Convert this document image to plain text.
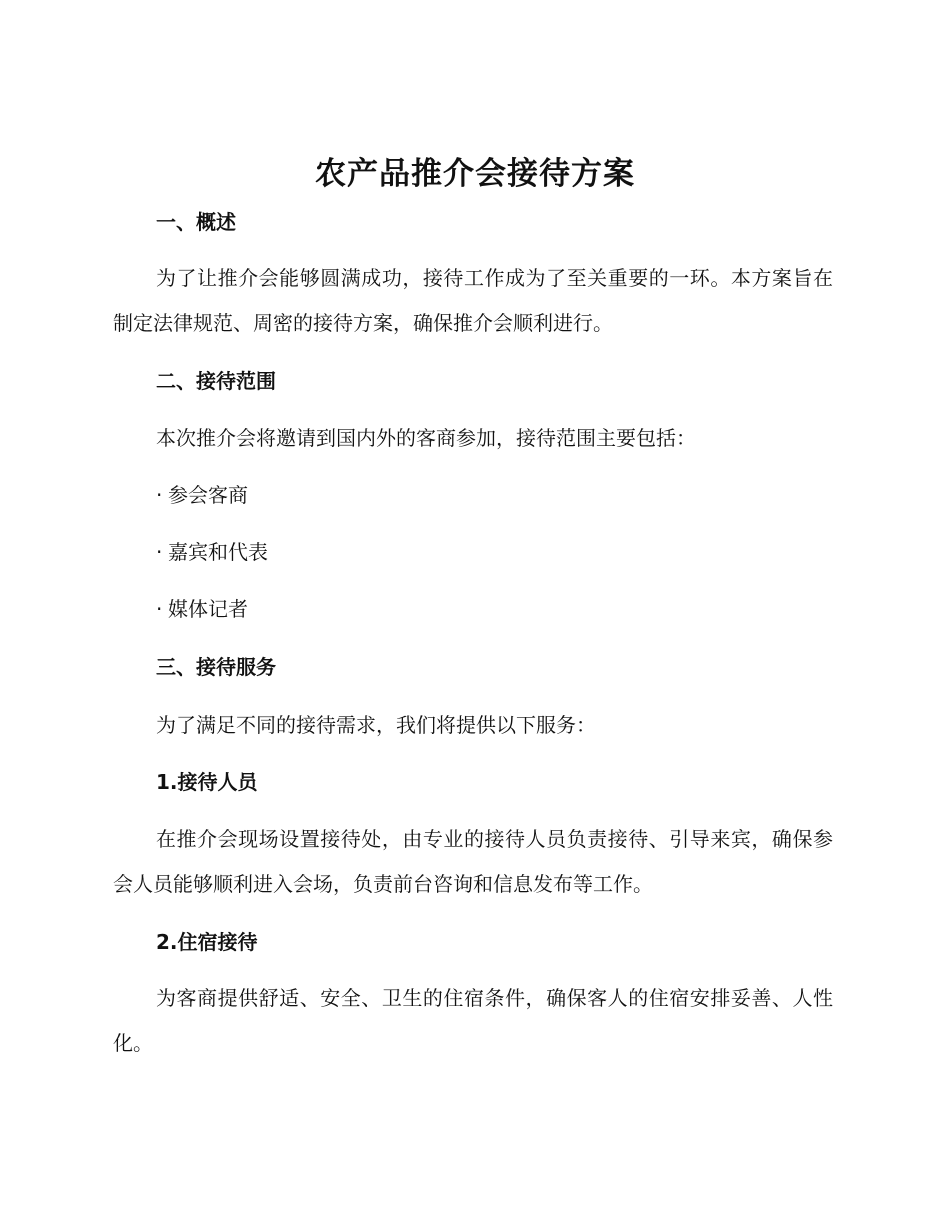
农产品推介会接待方案
一、概述

为了让推介会能够圆满成功，接待工作成为了至关重要的一环。本方案旨在制定法律规范、周密的接待方案，确保推介会顺利进行。

二、接待范围
本次推介会将邀请到国内外的客商参加，接待范围主要包括：
· 参会客商
· 嘉宾和代表
· 媒体记者
三、接待服务
为了满足不同的接待需求，我们将提供以下服务：
1.接待人员

在推介会现场设置接待处，由专业的接待人员负责接待、引导来宾，确保参会人员能够顺利进入会场，负责前台咨询和信息发布等工作。

2.住宿接待

为客商提供舒适、安全、卫生的住宿条件，确保客人的住宿安排妥善、人性化。
